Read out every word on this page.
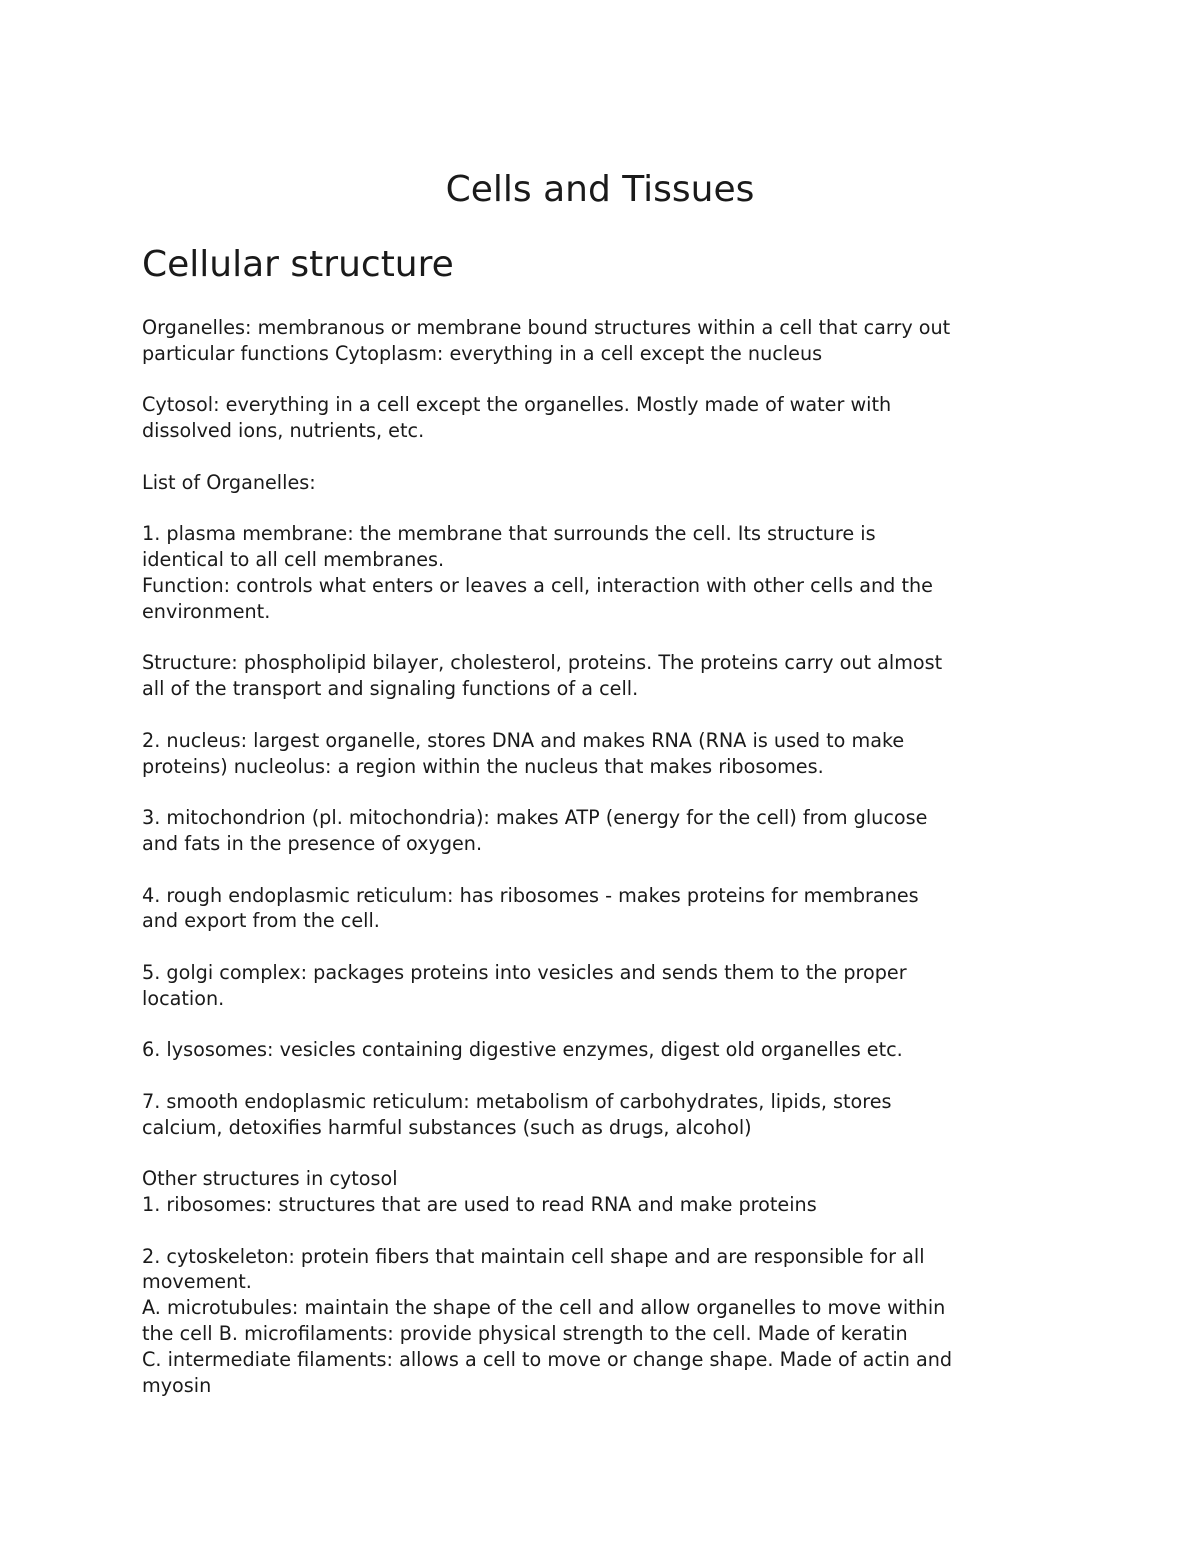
Cells and Tissues
Cellular structure

Organelles: membranous or membrane bound structures within a cell that carry out
particular functions Cytoplasm: everything in a cell except the nucleus

Cytosol: everything in a cell except the organelles. Mostly made of water with
dissolved ions, nutrients, etc.

List of Organelles:

1. plasma membrane: the membrane that surrounds the cell. Its structure is
identical to all cell membranes.
Function: controls what enters or leaves a cell, interaction with other cells and the
environment.

Structure: phospholipid bilayer, cholesterol, proteins. The proteins carry out almost
all of the transport and signaling functions of a cell.

2. nucleus: largest organelle, stores DNA and makes RNA (RNA is used to make
proteins) nucleolus: a region within the nucleus that makes ribosomes.

3. mitochondrion (pl. mitochondria): makes ATP (energy for the cell) from glucose
and fats in the presence of oxygen.

4. rough endoplasmic reticulum: has ribosomes - makes proteins for membranes
and export from the cell.

5. golgi complex: packages proteins into vesicles and sends them to the proper
location.

6. lysosomes: vesicles containing digestive enzymes, digest old organelles etc.

7. smooth endoplasmic reticulum: metabolism of carbohydrates, lipids, stores
calcium, detoxifies harmful substances (such as drugs, alcohol)

Other structures in cytosol
1. ribosomes: structures that are used to read RNA and make proteins

2. cytoskeleton: protein fibers that maintain cell shape and are responsible for all
movement.
A. microtubules: maintain the shape of the cell and allow organelles to move within
the cell B. microfilaments: provide physical strength to the cell. Made of keratin
C. intermediate filaments: allows a cell to move or change shape. Made of actin and
myosin
